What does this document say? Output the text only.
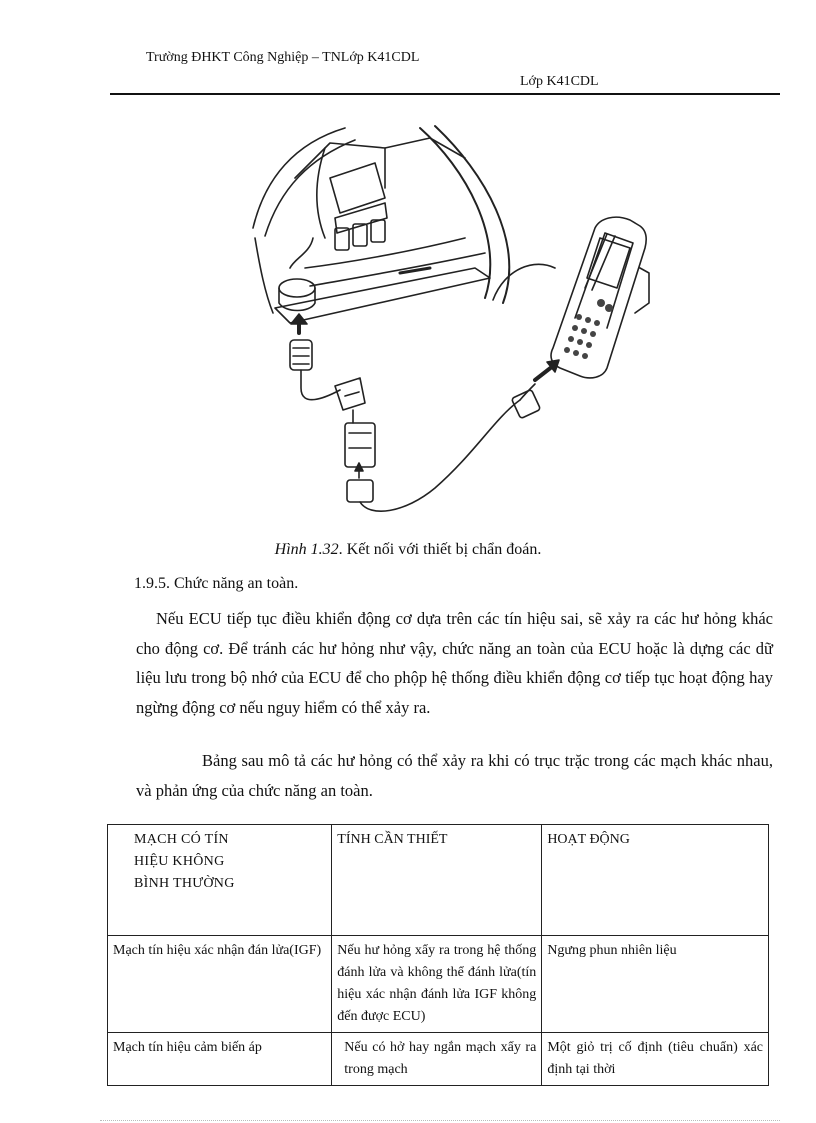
Trường ĐHKT Công Nghiệp – TNLớp K41CDL
Lớp K41CDL
Hình 1.32. Kết nối với thiết bị chẩn đoán.
1.9.5. Chức năng an toàn.
Nếu ECU tiếp tục điều khiển động cơ dựa trên các tín hiệu sai, sẽ xảy ra các hư hỏng khác cho động cơ. Để tránh các hư hỏng như vậy, chức năng an toàn của ECU hoặc là dựng các dữ liệu lưu trong bộ nhớ của ECU để cho phộp hệ thống điều khiển động cơ tiếp tục hoạt động hay ngừng động cơ nếu nguy hiểm có thể xảy ra.
Bảng sau mô tả các hư hỏng có thể xảy ra khi có trục trặc trong các mạch khác nhau, và phản ứng của chức năng an toàn.
MẠCH CÓ TÍN
HIỆU KHÔNG
BÌNH THƯỜNG	TÍNH CẦN THIẾT	HOẠT ĐỘNG
Mạch tín hiệu xác nhận đán lửa(IGF)	Nếu hư hỏng xẩy ra trong hệ thống đánh lửa và không thể đánh lửa(tín hiệu xác nhận đánh lửa IGF không đến được ECU)	Ngưng phun nhiên liệu
Mạch tín hiệu cảm biến áp	Nếu có hở hay ngắn mạch xẩy ra trong mạch	Một giỏ trị cố định (tiêu chuẩn) xác định tại thời
